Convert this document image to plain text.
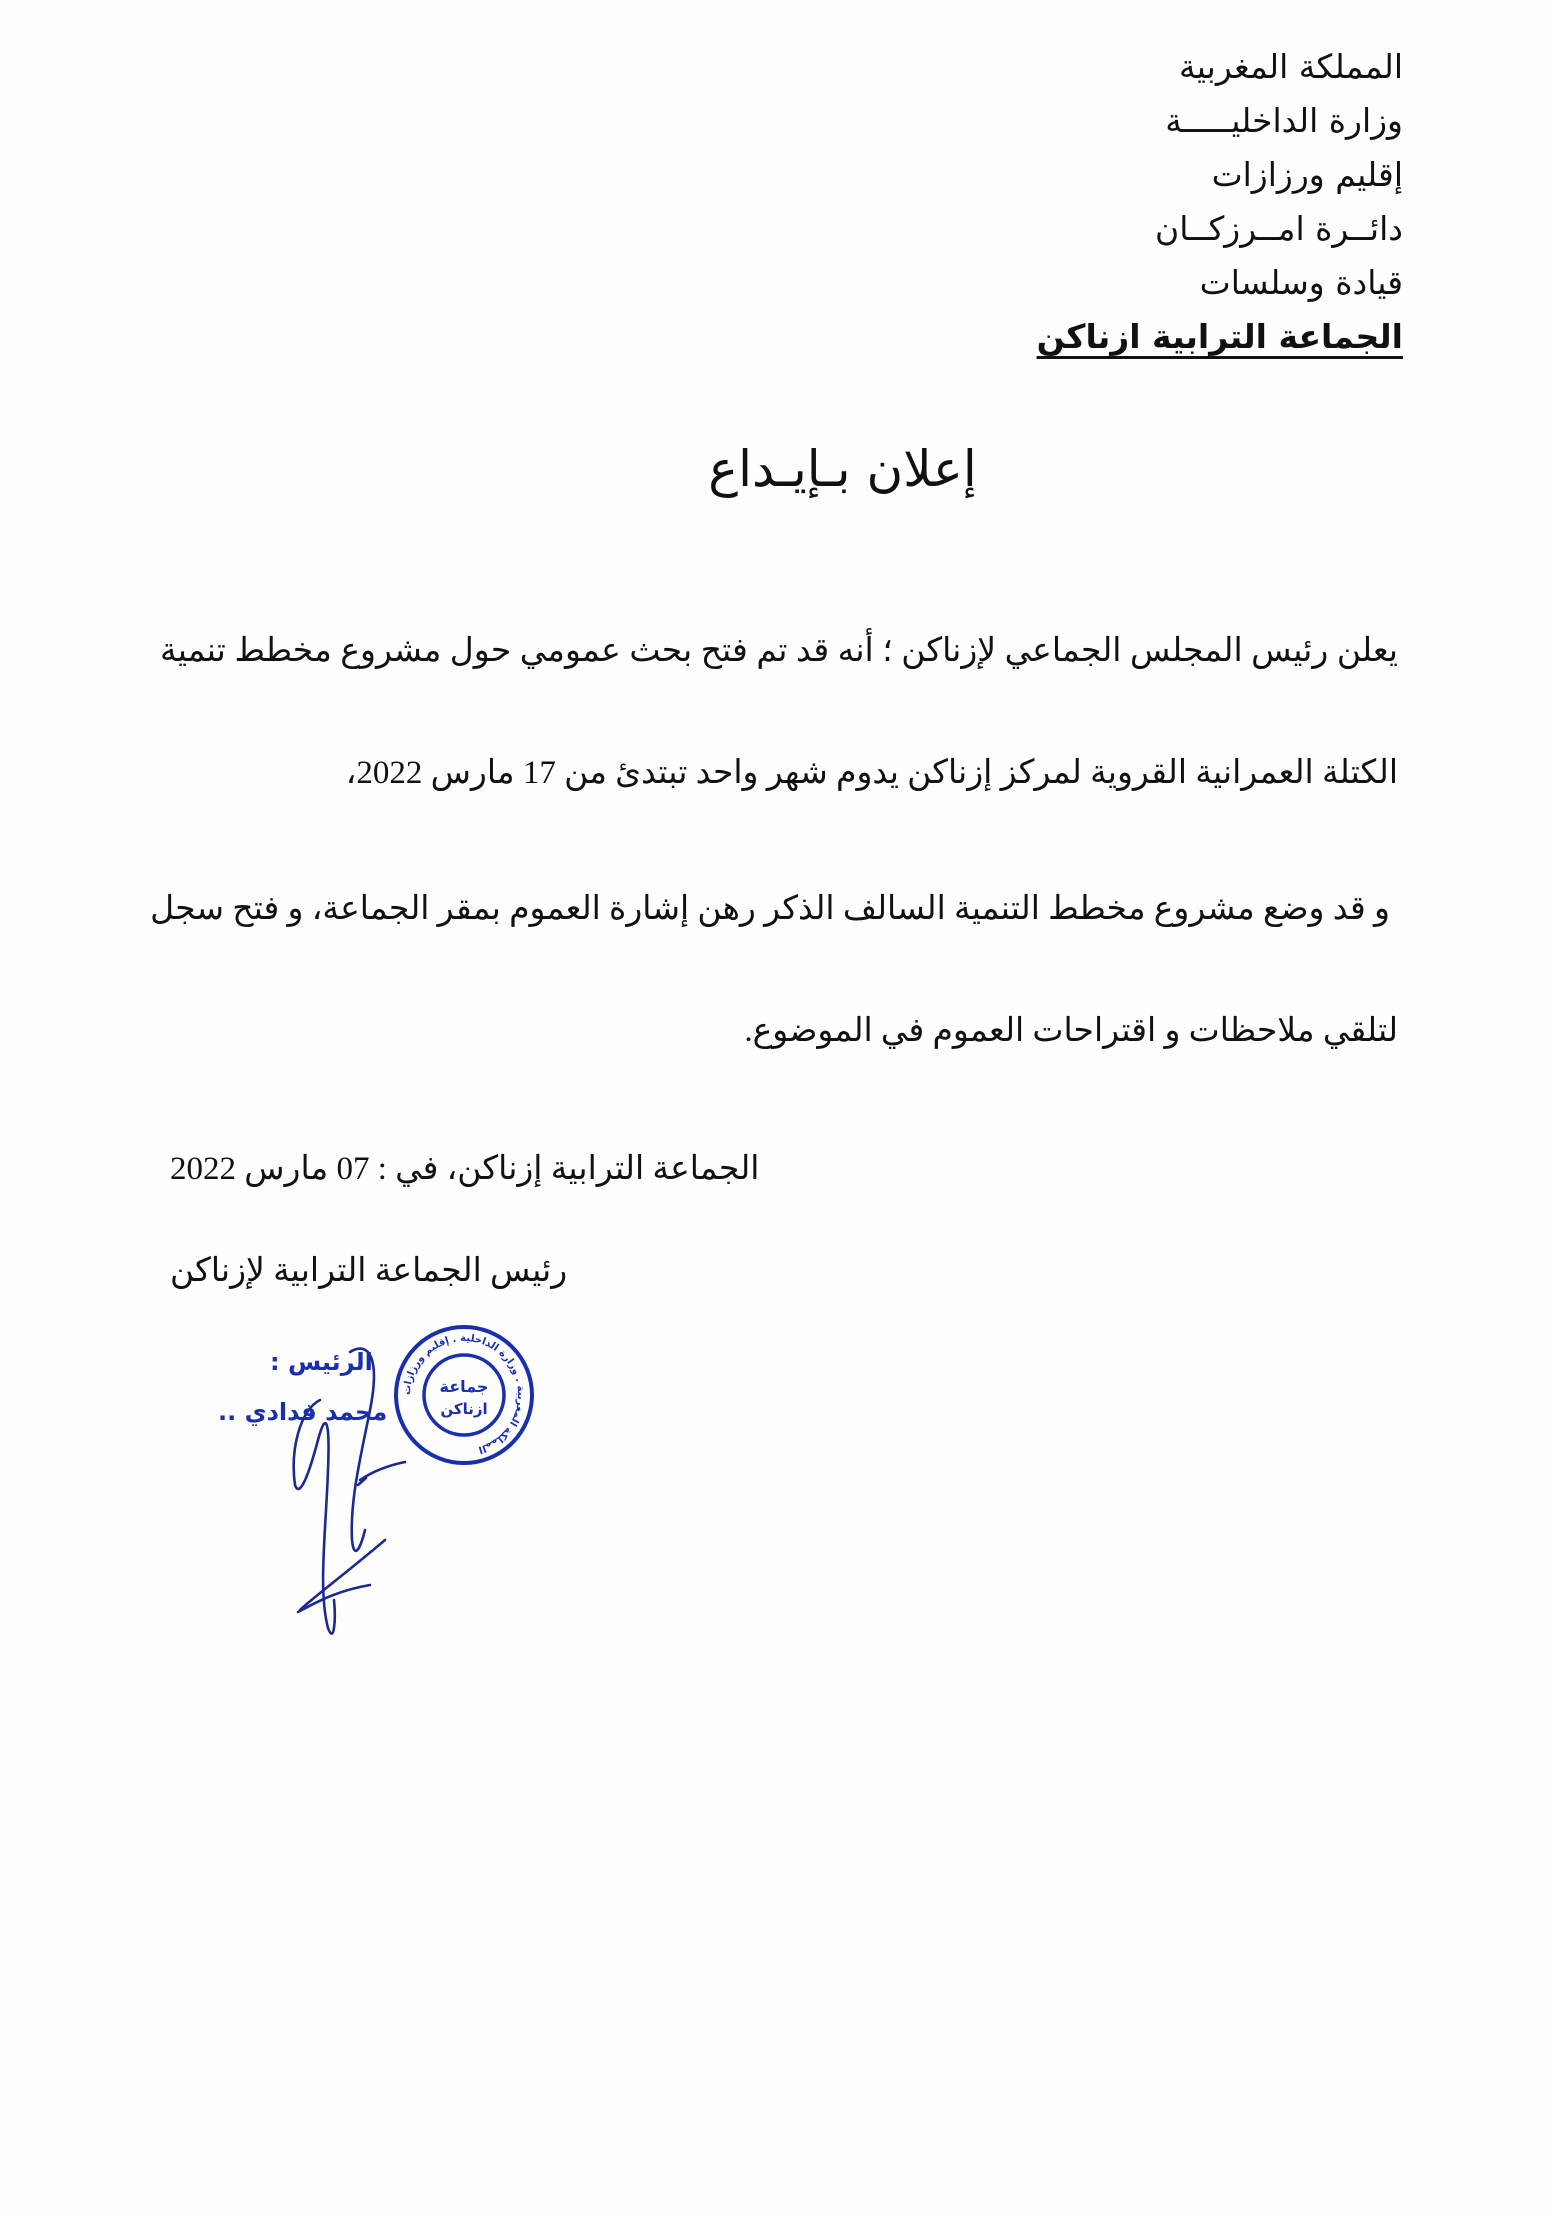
المملكة المغربية
وزارة الداخليـــــة
إقليم ورزازات
دائــرة امــرزكــان
قيادة وسلسات
الجماعة الترابية ازناكن
إعلان بـإيـداع
يعلن رئيس المجلس الجماعي لإزناكن ؛ أنه قد تم فتح بحث عمومي حول مشروع مخطط تنمية
الكتلة العمرانية القروية لمركز إزناكن يدوم شهر واحد تبتدئ من 17 مارس 2022،
و قد وضع مشروع مخطط التنمية السالف الذكر رهن إشارة العموم بمقر الجماعة، و فتح سجل
لتلقي ملاحظات و اقتراحات العموم في الموضوع.
الجماعة الترابية إزناكن، في : 07 مارس 2022
رئيس الجماعة الترابية لإزناكن
جماعة
ازناكن
المملكة المغربية . وزارة الداخلية . إقليم ورزازات
الرئيس :
محمد فدادي ..
